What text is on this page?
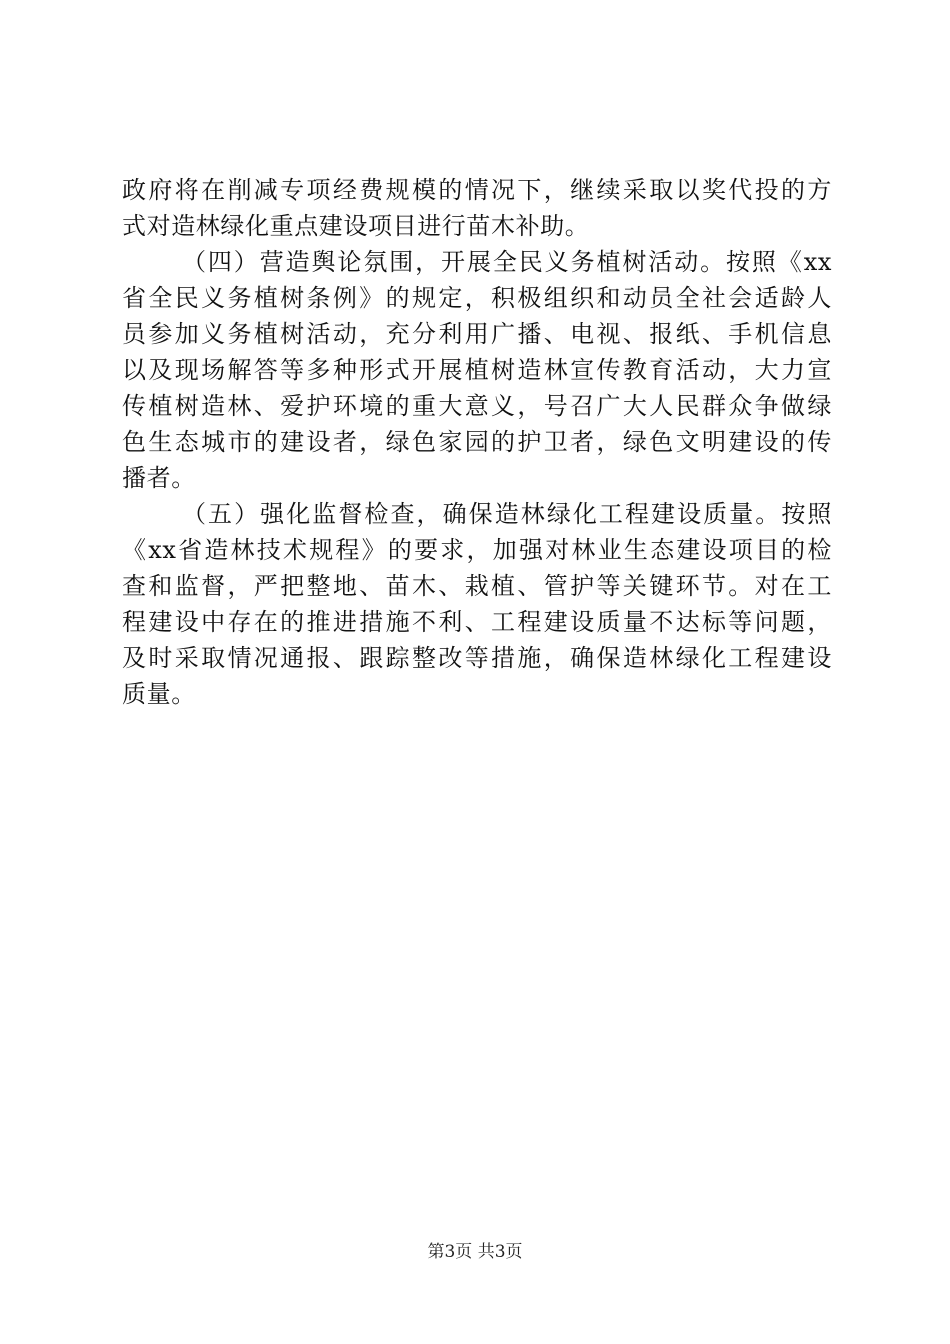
政府将在削减专项经费规模的情况下，继续采取以奖代投的方
式对造林绿化重点建设项目进行苗木补助。
（四）营造舆论氛围，开展全民义务植树活动。按照《xx
省全民义务植树条例》的规定，积极组织和动员全社会适龄人
员参加义务植树活动，充分利用广播、电视、报纸、手机信息
以及现场解答等多种形式开展植树造林宣传教育活动，大力宣
传植树造林、爱护环境的重大意义，号召广大人民群众争做绿
色生态城市的建设者，绿色家园的护卫者，绿色文明建设的传
播者。
（五）强化监督检查，确保造林绿化工程建设质量。按照
《xx省造林技术规程》的要求，加强对林业生态建设项目的检
查和监督，严把整地、苗木、栽植、管护等关键环节。对在工
程建设中存在的推进措施不利、工程建设质量不达标等问题，
及时采取情况通报、跟踪整改等措施，确保造林绿化工程建设
质量。
第3页 共3页
